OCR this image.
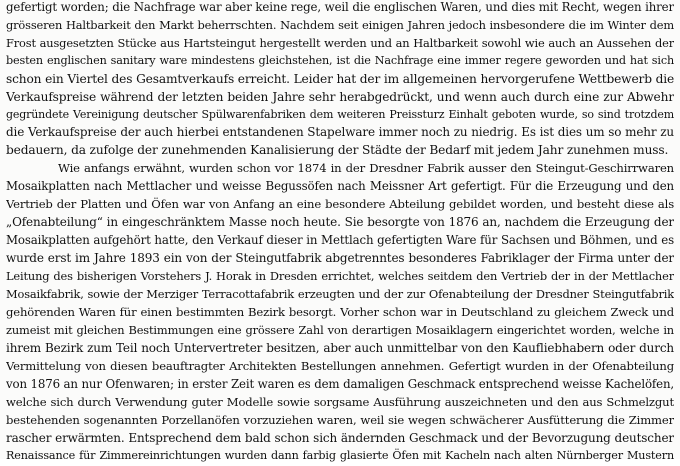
gefertigt worden; die Nachfrage war aber keine rege, weil die englischen Waren, und dies mit Recht, wegen ihrer
grösseren Haltbarkeit den Markt beherrschten. Nachdem seit einigen Jahren jedoch insbesondere die im Winter dem
Frost ausgesetzten Stücke aus Hartsteingut hergestellt werden und an Haltbarkeit sowohl wie auch an Aussehen der
besten englischen sanitary ware mindestens gleichstehen, ist die Nachfrage eine immer regere geworden und hat sich
schon ein Viertel des Gesamtverkaufs erreicht. Leider hat der im allgemeinen hervorgerufene Wettbewerb die
Verkaufspreise während der letzten beiden Jahre sehr herabgedrückt, und wenn auch durch eine zur Abwehr
gegründete Vereinigung deutscher Spülwarenfabriken dem weiteren Preissturz Einhalt geboten wurde, so sind trotzdem
die Verkaufspreise der auch hierbei entstandenen Stapelware immer noch zu niedrig. Es ist dies um so mehr zu
bedauern, da zufolge der zunehmenden Kanalisierung der Städte der Bedarf mit jedem Jahr zunehmen muss.
Wie anfangs erwähnt, wurden schon vor 1874 in der Dresdner Fabrik ausser den Steingut-Geschirrwaren
Mosaikplatten nach Mettlacher und weisse Begussöfen nach Meissner Art gefertigt. Für die Erzeugung und den
Vertrieb der Platten und Öfen war von Anfang an eine besondere Abteilung gebildet worden, und besteht diese als
„Ofenabteilung“ in eingeschränktem Masse noch heute. Sie besorgte von 1876 an, nachdem die Erzeugung der
Mosaikplatten aufgehört hatte, den Verkauf dieser in Mettlach gefertigten Ware für Sachsen und Böhmen, und es
wurde erst im Jahre 1893 ein von der Steingutfabrik abgetrenntes besonderes Fabriklager der Firma unter der
Leitung des bisherigen Vorstehers J. Horak in Dresden errichtet, welches seitdem den Vertrieb der in der Mettlacher
Mosaikfabrik, sowie der Merziger Terracottafabrik erzeugten und der zur Ofenabteilung der Dresdner Steingutfabrik
gehörenden Waren für einen bestimmten Bezirk besorgt. Vorher schon war in Deutschland zu gleichem Zweck und
zumeist mit gleichen Bestimmungen eine grössere Zahl von derartigen Mosaiklagern eingerichtet worden, welche in
ihrem Bezirk zum Teil noch Untervertreter besitzen, aber auch unmittelbar von den Kaufliebhabern oder durch
Vermittelung von diesen beauftragter Architekten Bestellungen annehmen. Gefertigt wurden in der Ofenabteilung
von 1876 an nur Ofenwaren; in erster Zeit waren es dem damaligen Geschmack entsprechend weisse Kachelöfen,
welche sich durch Verwendung guter Modelle sowie sorgsame Ausführung auszeichneten und den aus Schmelzgut
bestehenden sogenannten Porzellanöfen vorzuziehen waren, weil sie wegen schwächerer Ausfütterung die Zimmer
rascher erwärmten. Entsprechend dem bald schon sich ändernden Geschmack und der Bevorzugung deutscher
Renaissance für Zimmereinrichtungen wurden dann farbig glasierte Öfen mit Kacheln nach alten Nürnberger Mustern
